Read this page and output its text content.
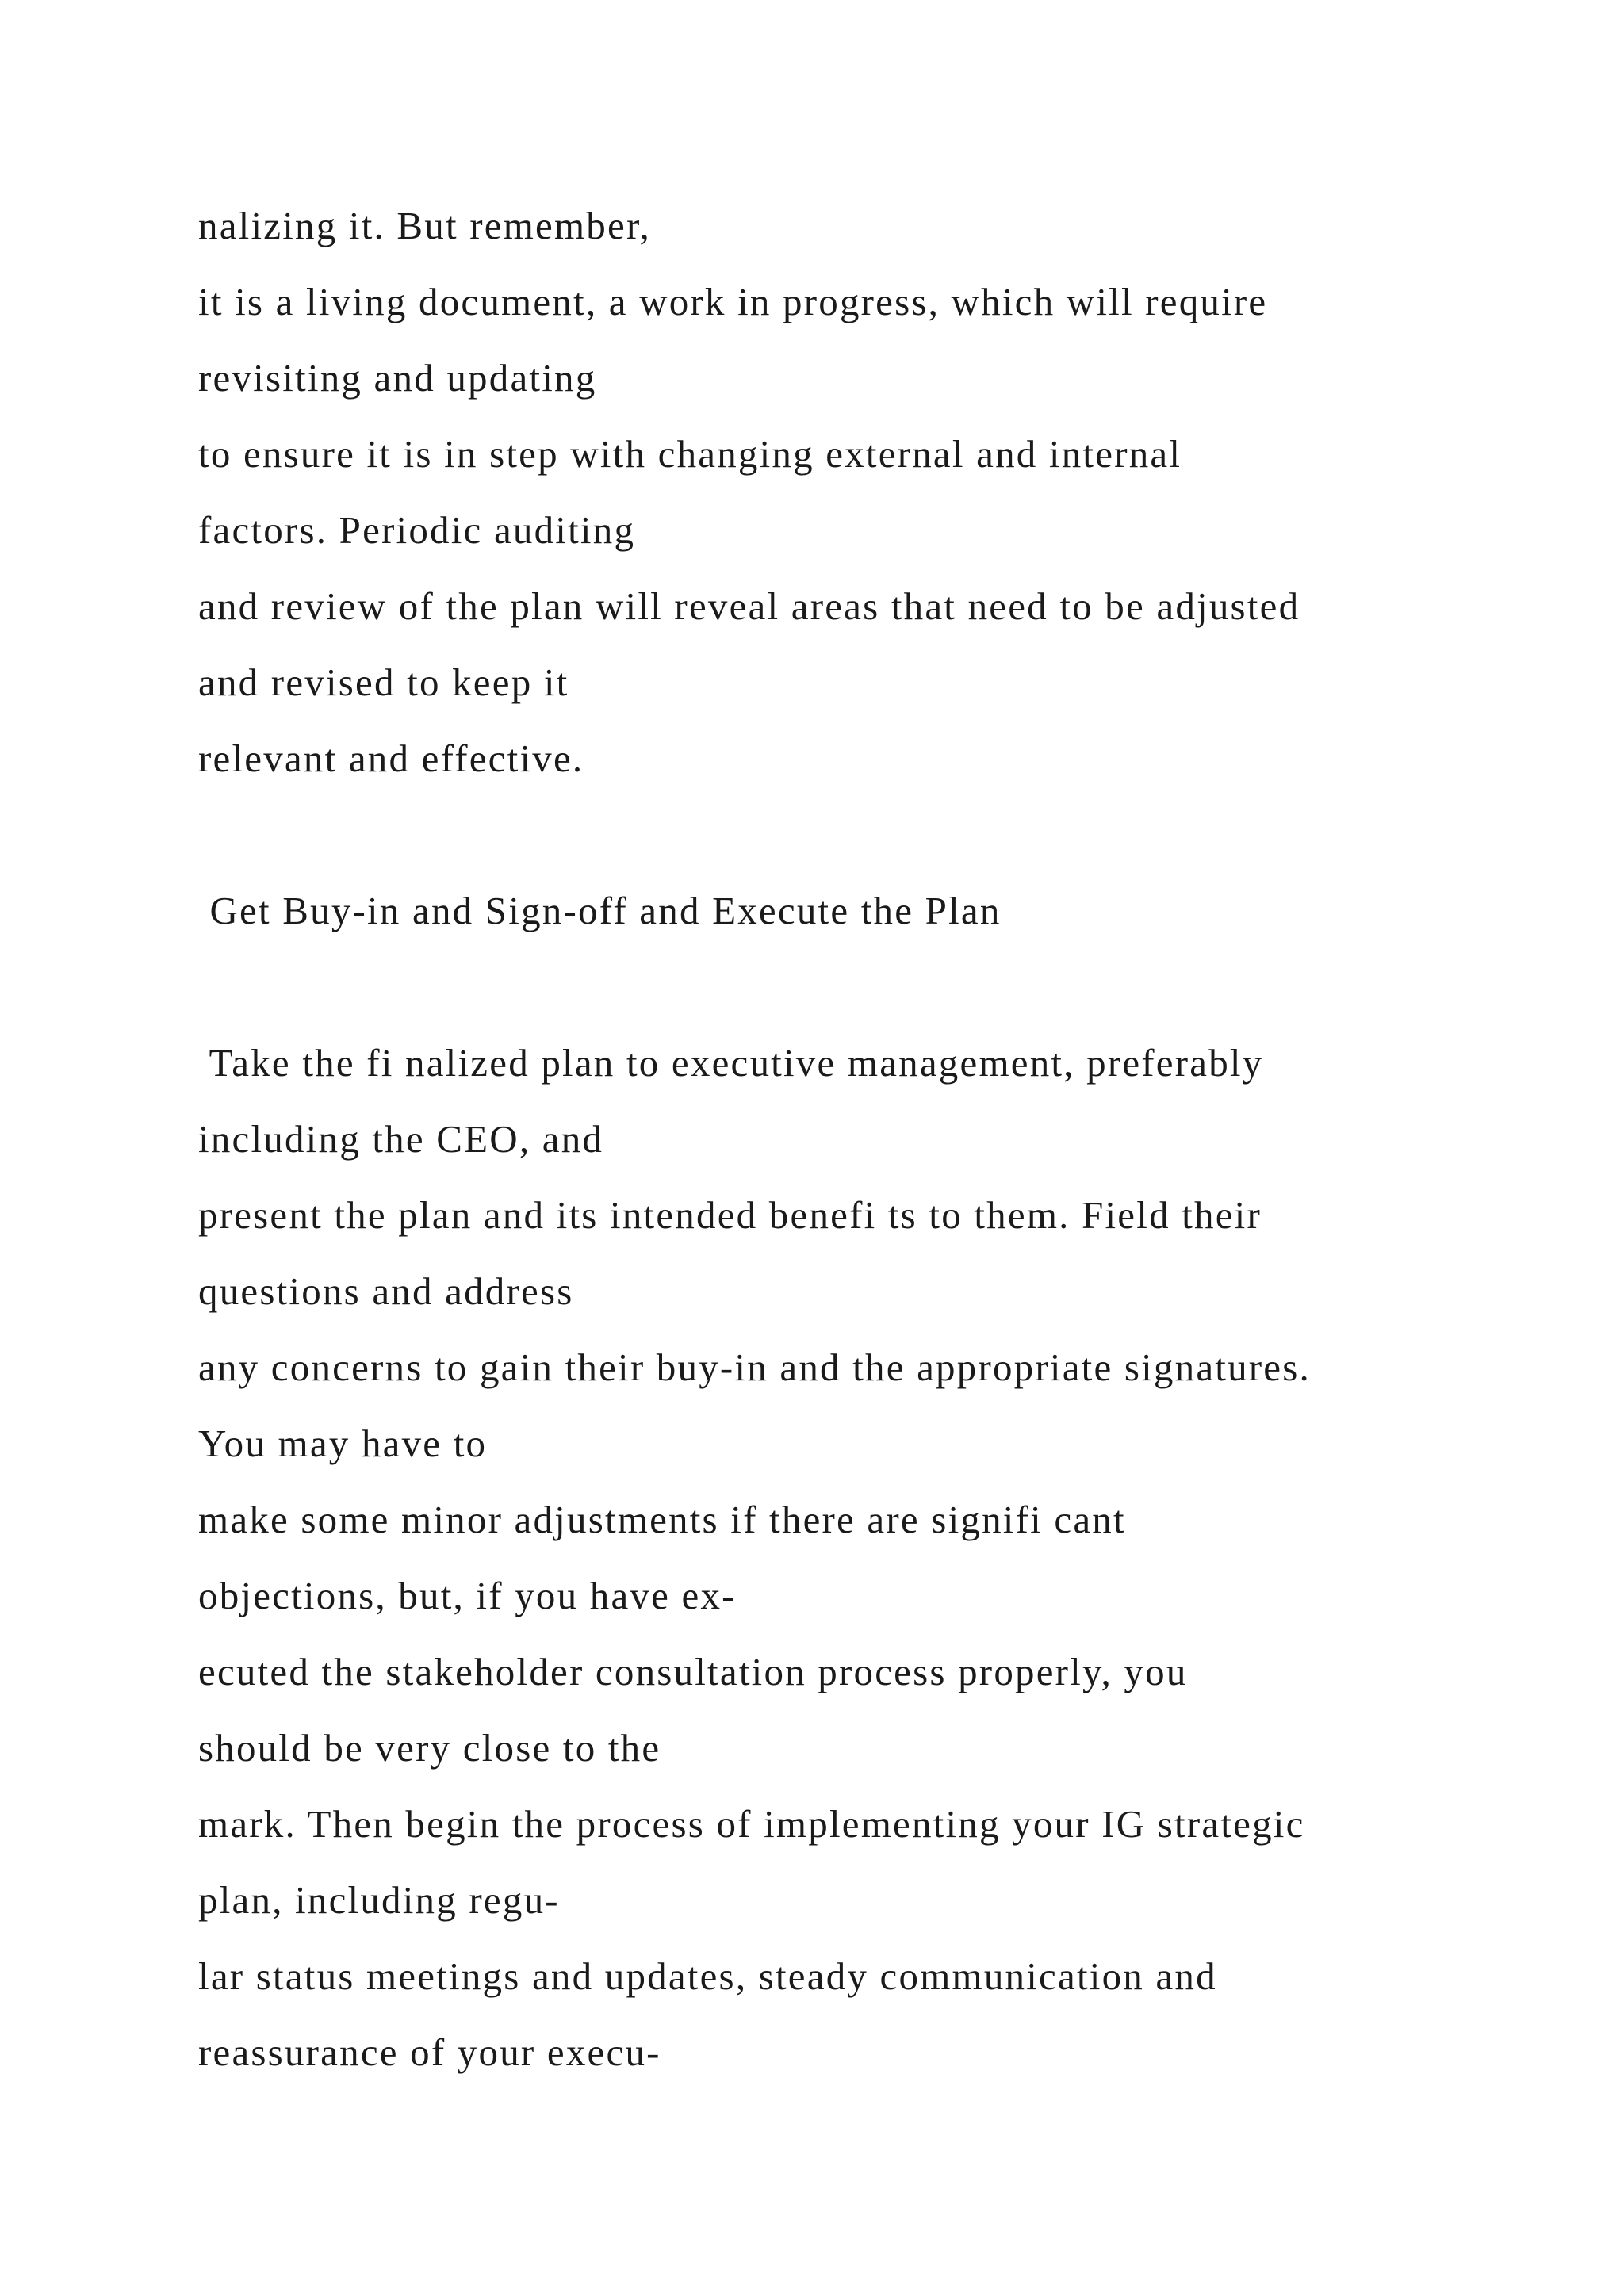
nalizing it. But remember,
it is a living document, a work in progress, which will require
revisiting and updating
to ensure it is in step with changing external and internal
factors. Periodic auditing
and review of the plan will reveal areas that need to be adjusted
and revised to keep it
relevant and effective.
Get Buy-in and Sign-off and Execute the Plan
Take the fi nalized plan to executive management, preferably
including the CEO, and
present the plan and its intended benefi ts to them. Field their
questions and address
any concerns to gain their buy-in and the appropriate signatures.
You may have to
make some minor adjustments if there are signifi cant
objections, but, if you have ex-
ecuted the stakeholder consultation process properly, you
should be very close to the
mark. Then begin the process of implementing your IG strategic
plan, including regu-
lar status meetings and updates, steady communication and
reassurance of your execu-
